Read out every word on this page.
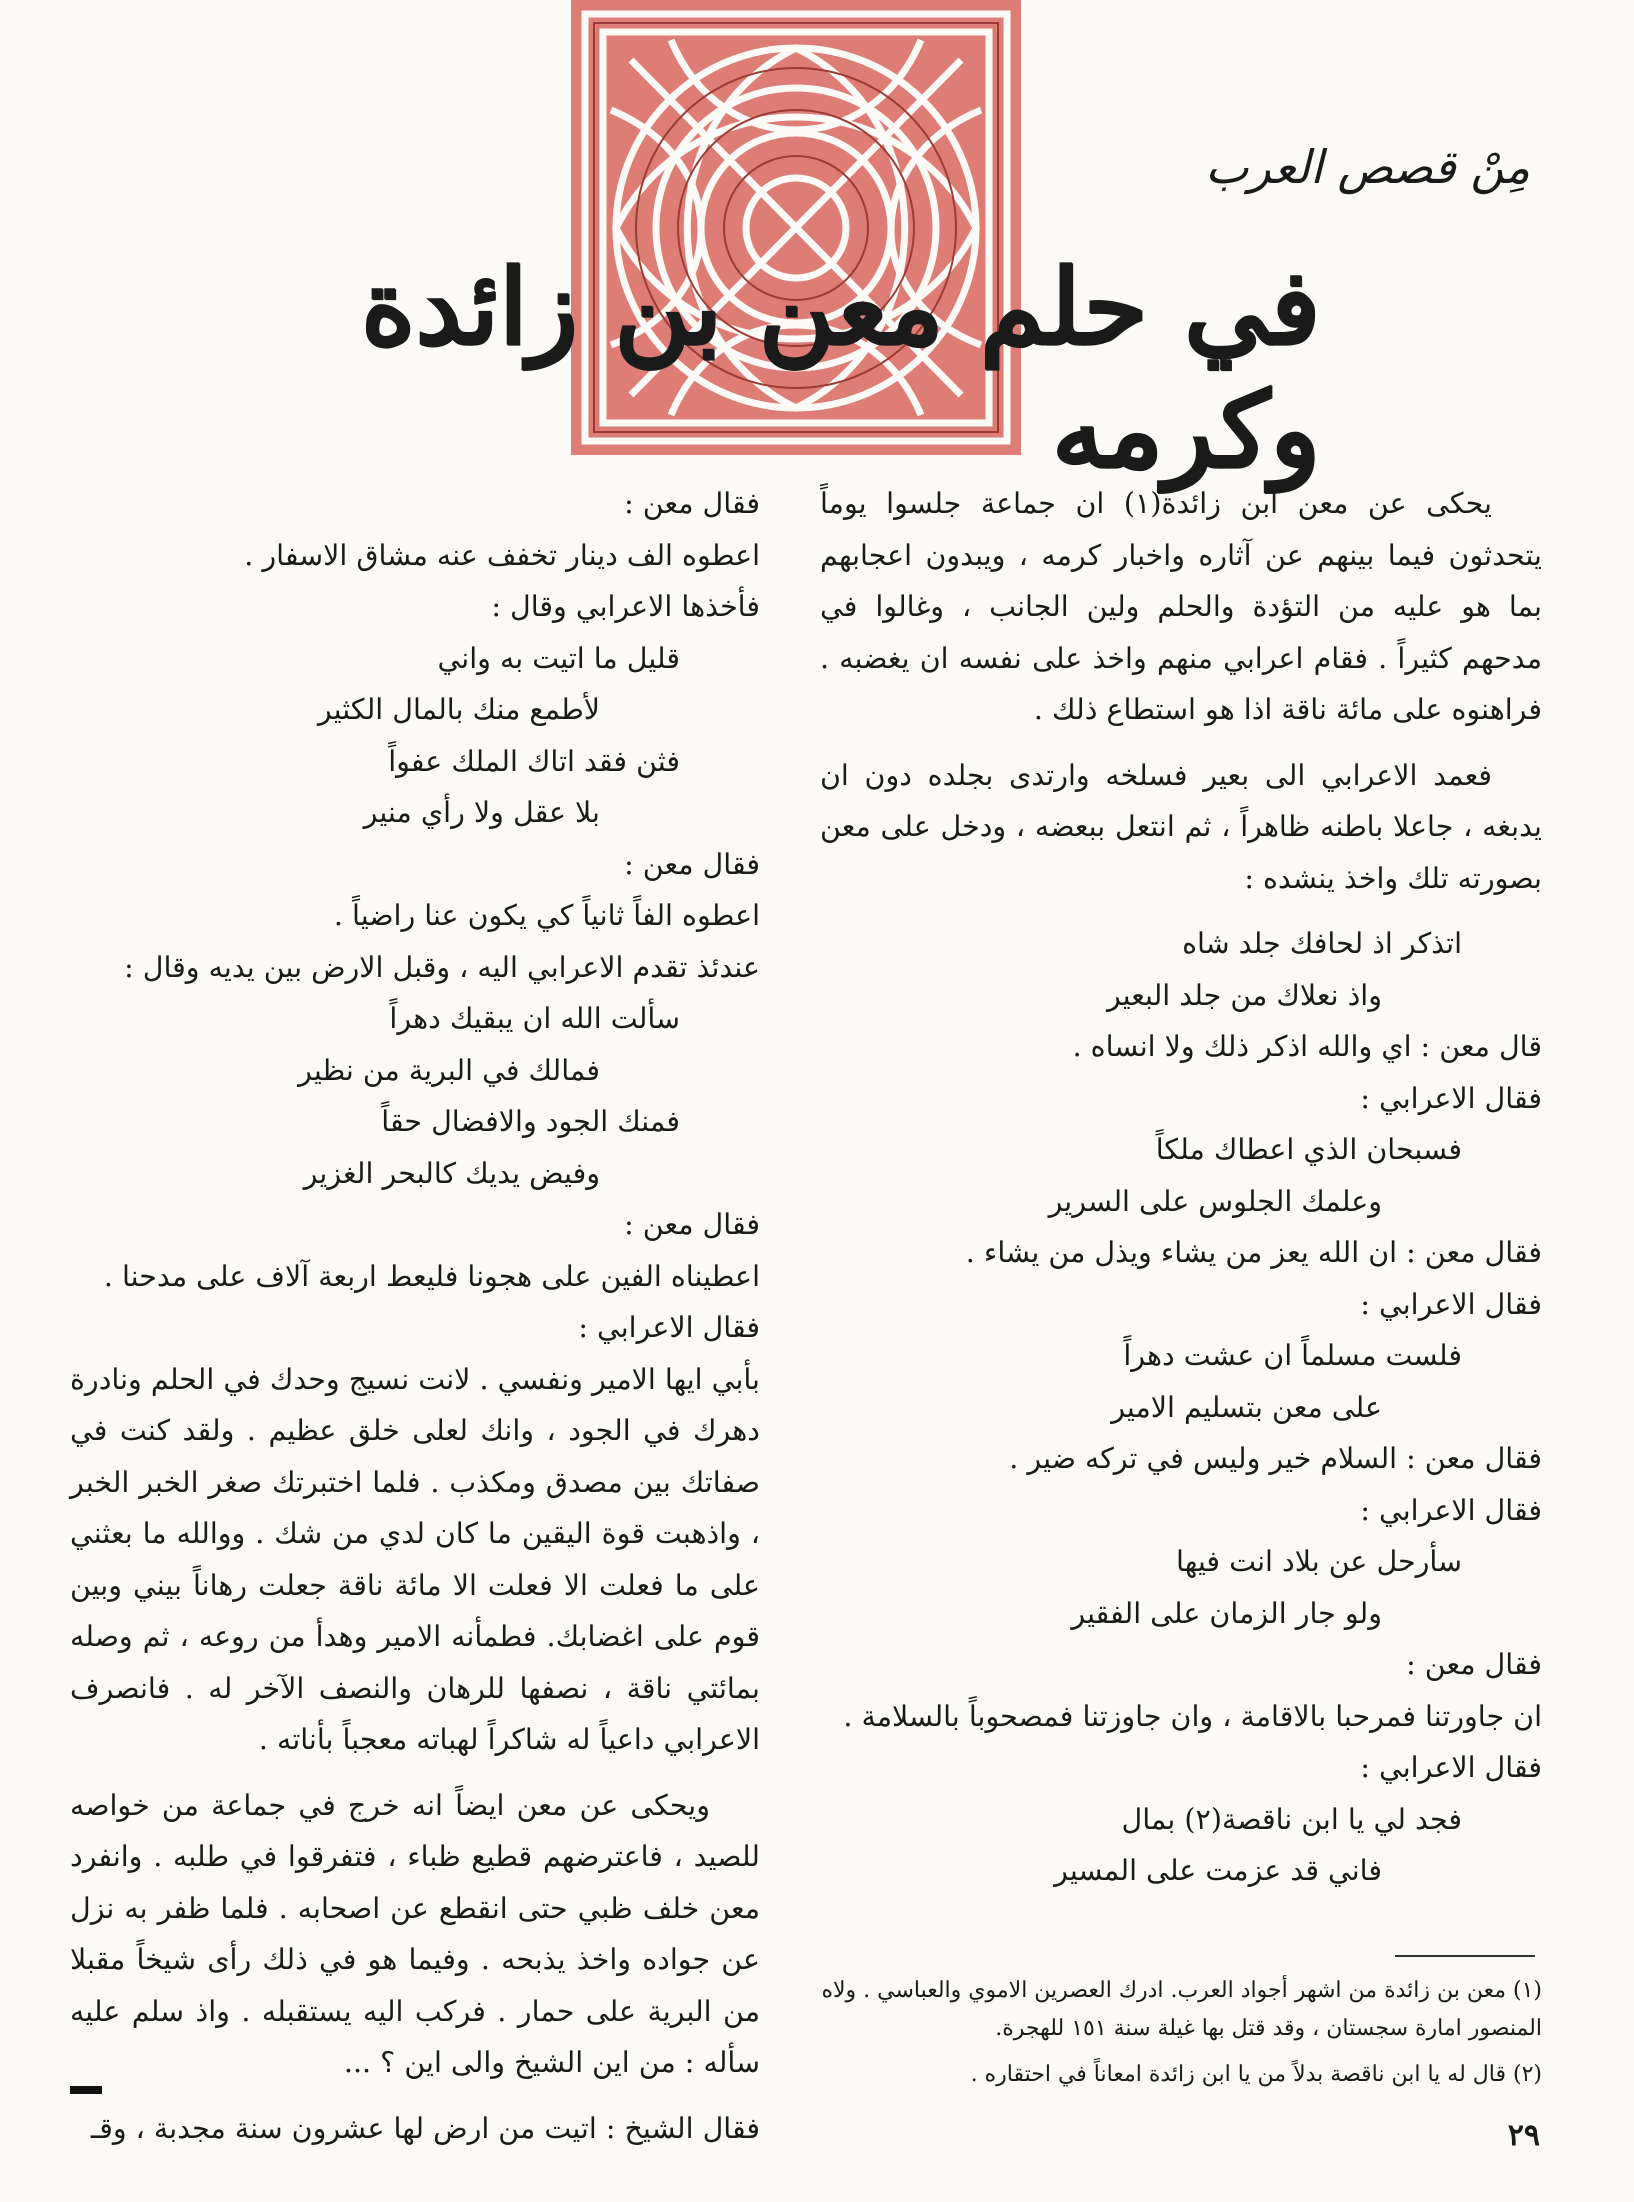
مِنْ قصص العرب
في حلم معن بن زائدة وكرمه

يحكى عن معن ابن زائدة(١) ان جماعة جلسوا يوماً يتحدثون فيما بينهم عن آثاره واخبار كرمه ، ويبدون اعجابهم بما هو عليه من التؤدة والحلم ولين الجانب ، وغالوا في مدحهم كثيراً . فقام اعرابي منهم واخذ على نفسه ان يغضبه . فراهنوه على مائة ناقة اذا هو استطاع ذلك .

فعمد الاعرابي الى بعير فسلخه وارتدى بجلده دون ان يدبغه ، جاعلا باطنه ظاهراً ، ثم انتعل ببعضه ، ودخل على معن بصورته تلك واخذ ينشده :

اتذكر اذ لحافك جلد شاه
واذ نعلاك من جلد البعير
قال معن : اي والله اذكر ذلك ولا انساه .
فقال الاعرابي :
فسبحان الذي اعطاك ملكاً
وعلمك الجلوس على السرير
فقال معن : ان الله يعز من يشاء ويذل من يشاء .
فقال الاعرابي :
فلست مسلماً ان عشت دهراً
على معن بتسليم الامير
فقال معن : السلام خير وليس في تركه ضير .
فقال الاعرابي :
سأرحل عن بلاد انت فيها
ولو جار الزمان على الفقير
فقال معن :
ان جاورتنا فمرحبا بالاقامة ، وان جاوزتنا فمصحوباً بالسلامة .
فقال الاعرابي :
فجد لي يا ابن ناقصة(٢) بمال
فاني قد عزمت على المسير
فقال معن :
اعطوه الف دينار تخفف عنه مشاق الاسفار .
فأخذها الاعرابي وقال :
قليل ما اتيت به واني
لأطمع منك بالمال الكثير
فثن فقد اتاك الملك عفواً
بلا عقل ولا رأي منير
فقال معن :
اعطوه الفاً ثانياً كي يكون عنا راضياً .
عندئذ تقدم الاعرابي اليه ، وقبل الارض بين يديه وقال :
سألت الله ان يبقيك دهراً
فمالك في البرية من نظير
فمنك الجود والافضال حقاً
وفيض يديك كالبحر الغزير
فقال معن :
اعطيناه الفين على هجونا فليعط اربعة آلاف على مدحنا .
فقال الاعرابي :

بأبي ايها الامير ونفسي . لانت نسيج وحدك في الحلم ونادرة دهرك في الجود ، وانك لعلى خلق عظيم . ولقد كنت في صفاتك بين مصدق ومكذب . فلما اختبرتك صغر الخبر الخبر ، واذهبت قوة اليقين ما كان لدي من شك . ووالله ما بعثني على ما فعلت الا فعلت الا مائة ناقة جعلت رهاناً بيني وبين قوم على اغضابك. فطمأنه الامير وهدأ من روعه ، ثم وصله بمائتي ناقة ، نصفها للرهان والنصف الآخر له . فانصرف الاعرابي داعياً له شاكراً لهباته معجباً بأناته .

ويحكى عن معن ايضاً انه خرج في جماعة من خواصه للصيد ، فاعترضهم قطيع ظباء ، فتفرقوا في طلبه . وانفرد معن خلف ظبي حتى انقطع عن اصحابه . فلما ظفر به نزل عن جواده واخذ يذبحه . وفيما هو في ذلك رأى شيخاً مقبلا من البرية على حمار . فركب اليه يستقبله . واذ سلم عليه سأله : من اين الشيخ والى اين ؟ ...

فقال الشيخ : اتيت من ارض لها عشرون سنة مجدبة ، وقـ

(١) معن بن زائدة من اشهر أجواد العرب. ادرك العصرين الاموي والعباسي . ولاه المنصور امارة سجستان ، وقد قتل بها غيلة سنة ١٥١ للهجرة.

(٢) قال له يا ابن ناقصة بدلاً من يا ابن زائدة امعاناً في احتقاره .

٢٩
